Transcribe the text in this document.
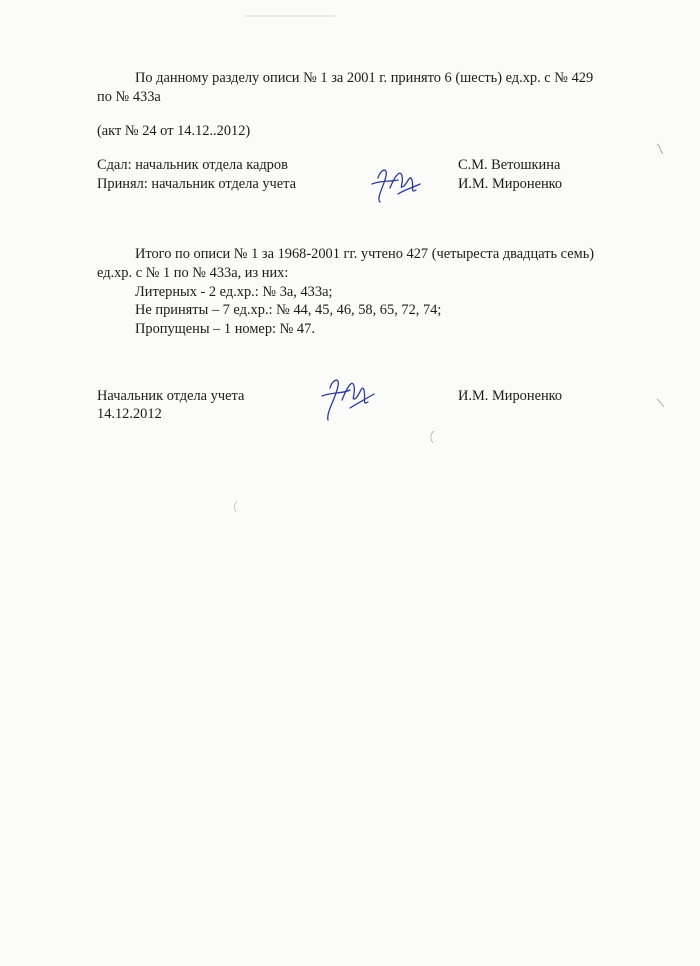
По данному разделу описи № 1 за 2001 г. принято 6 (шесть) ед.хр. с № 429

по № 433а

(акт № 24 от 14.12..2012)

Сдал: начальник отдела кадров	С.М. Ветошкина

Принял: начальник отдела учета	И.М. Мироненко

Итого по описи № 1 за 1968-2001 гг. учтено 427 (четыреста двадцать семь)

ед.хр. с № 1 по № 433а, из них:

Литерных - 2 ед.хр.: № 3а, 433а;

Не приняты – 7 ед.хр.: № 44, 45, 46, 58, 65, 72, 74;

Пропущены – 1 номер: № 47.

Начальник отдела учета

14.12.2012

И.М. Мироненко
